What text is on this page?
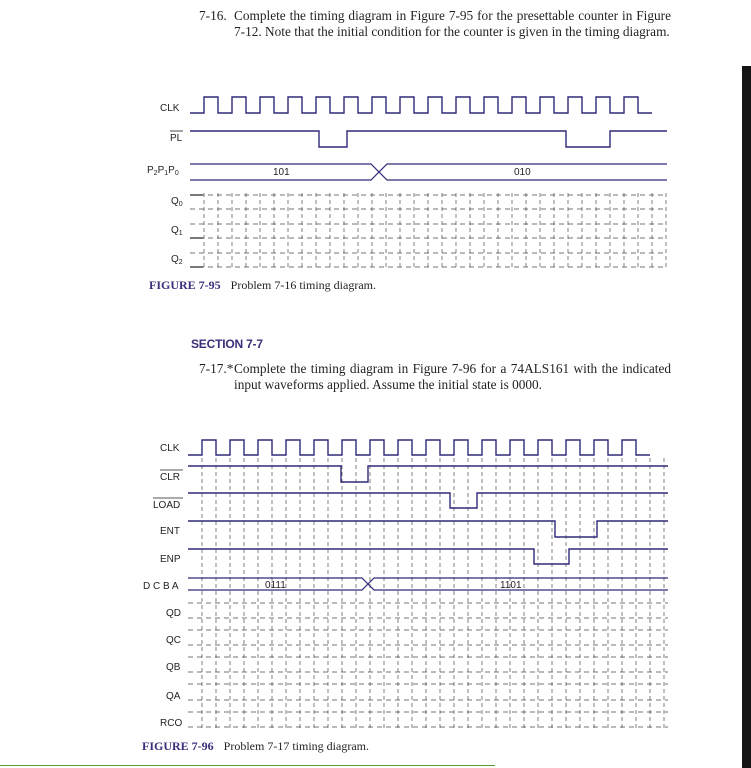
7-16. Complete the timing diagram in Figure 7-95 for the presettable counter in Figure 7-12. Note that the initial condition for the counter is given in the timing diagram.
FIGURE 7-95 Problem 7-16 timing diagram.
SECTION 7-7
7-17.* Complete the timing diagram in Figure 7-96 for a 74ALS161 with the indicated input waveforms applied. Assume the initial state is 0000.
FIGURE 7-96 Problem 7-17 timing diagram.
CLK
PL
$P_2P_1P_0$
$Q_0$
$Q_1$
$Q_2$
101	010
CLK
CLR
LOAD
ENT
ENP
D C B A
QD
QC
QB
QA
RCO
0111	1101
